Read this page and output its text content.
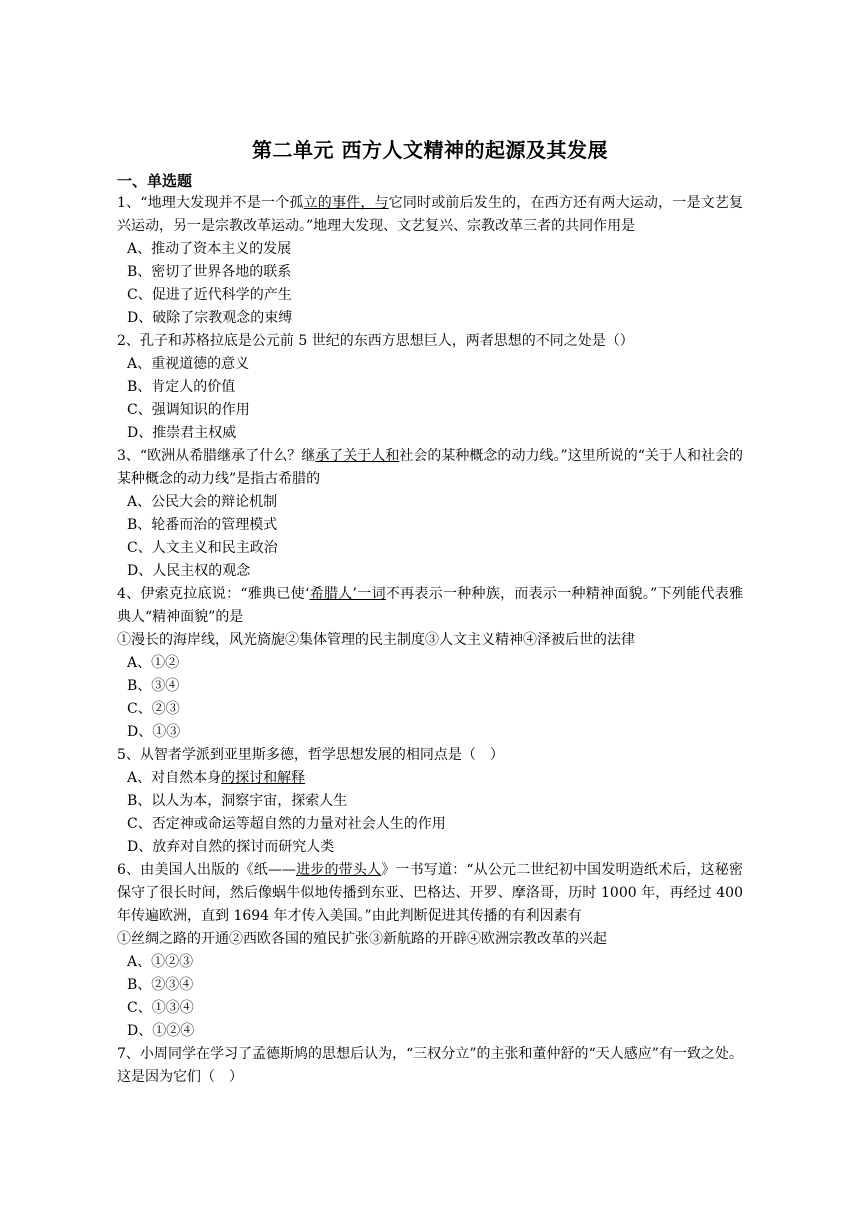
第二单元 西方人文精神的起源及其发展
一、单选题

1、“地理大发现并不是一个孤立的事件，与它同时或前后发生的，在西方还有两大运动，一是文艺复兴运动，另一是宗教改革运动。”地理大发现、文艺复兴、宗教改革三者的共同作用是

A、推动了资本主义的发展

B、密切了世界各地的联系

C、促进了近代科学的产生

D、破除了宗教观念的束缚

2、孔子和苏格拉底是公元前 5 世纪的东西方思想巨人，两者思想的不同之处是（）

A、重视道德的意义

B、肯定人的价值

C、强调知识的作用

D、推崇君主权威

3、“欧洲从希腊继承了什么？继承了关于人和社会的某种概念的动力线。”这里所说的“关于人和社会的某种概念的动力线”是指古希腊的

A、公民大会的辩论机制

B、轮番而治的管理模式

C、人文主义和民主政治

D、人民主权的观念

4、伊索克拉底说：“雅典已使‘希腊人’一词不再表示一种种族，而表示一种精神面貌。”下列能代表雅典人“精神面貌”的是

①漫长的海岸线，风光旖旎②集体管理的民主制度③人文主义精神④泽被后世的法律

A、①②

B、③④

C、②③

D、①③

5、从智者学派到亚里斯多德，哲学思想发展的相同点是（　）

A、对自然本身的探讨和解释

B、以人为本，洞察宇宙，探索人生

C、否定神或命运等超自然的力量对社会人生的作用

D、放弃对自然的探讨而研究人类

6、由美国人出版的《纸——进步的带头人》一书写道：“从公元二世纪初中国发明造纸术后，这秘密保守了很长时间，然后像蜗牛似地传播到东亚、巴格达、开罗、摩洛哥，历时 1000 年，再经过 400 年传遍欧洲，直到 1694 年才传入美国。”由此判断促进其传播的有利因素有

①丝绸之路的开通②西欧各国的殖民扩张③新航路的开辟④欧洲宗教改革的兴起

A、①②③

B、②③④

C、①③④

D、①②④

7、小周同学在学习了孟德斯鸠的思想后认为，“三权分立”的主张和董仲舒的“天人感应”有一致之处。这是因为它们（　）
